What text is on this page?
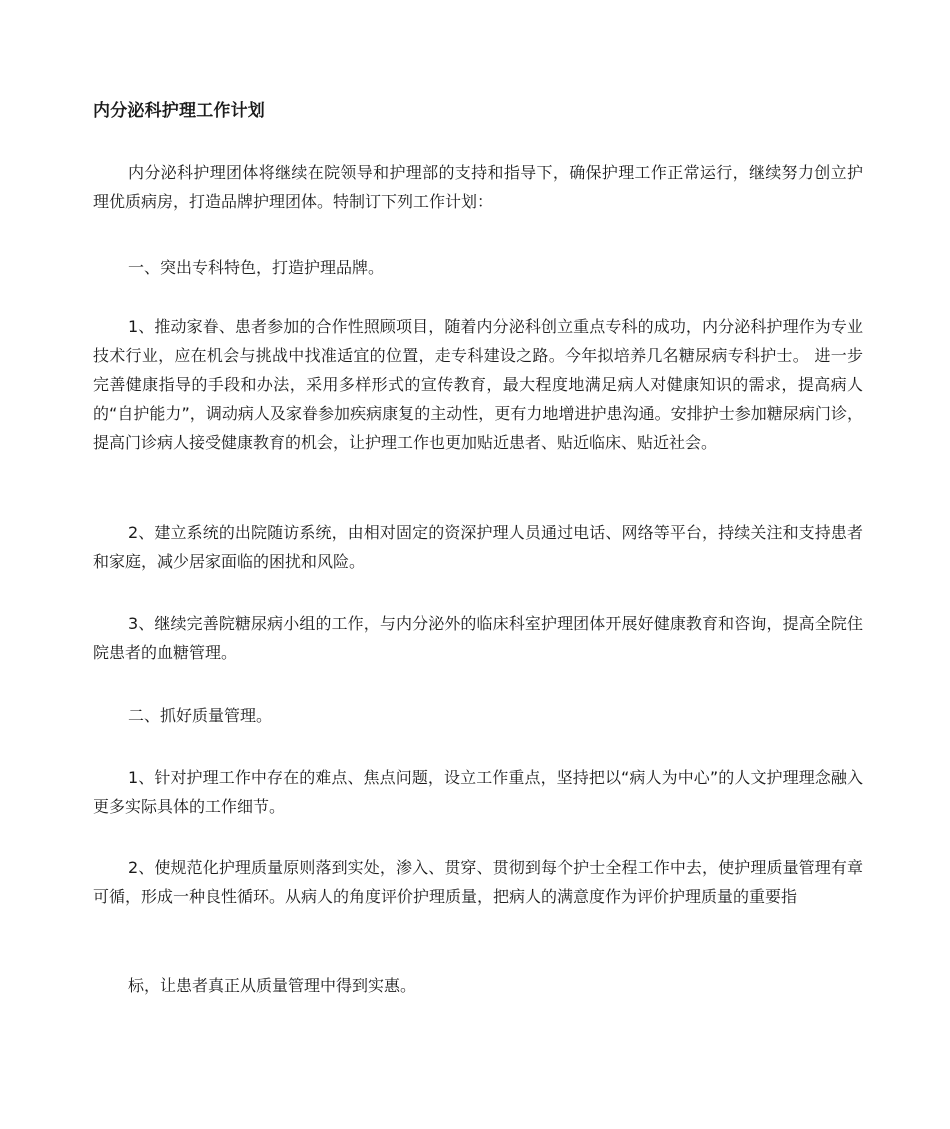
内分泌科护理工作计划

内分泌科护理团体将继续在院领导和护理部的支持和指导下，确保护理工作正常运行，继续努力创立护理优质病房，打造品牌护理团体。特制订下列工作计划：

一、突出专科特色，打造护理品牌。

1、推动家眷、患者参加的合作性照顾项目，随着内分泌科创立重点专科的成功，内分泌科护理作为专业技术行业，应在机会与挑战中找准适宜的位置，走专科建设之路。今年拟培养几名糖尿病专科护士。 进一步完善健康指导的手段和办法，采用多样形式的宣传教育，最大程度地满足病人对健康知识的需求，提高病人的“自护能力”，调动病人及家眷参加疾病康复的主动性，更有力地增进护患沟通。安排护士参加糖尿病门诊，提高门诊病人接受健康教育的机会，让护理工作也更加贴近患者、贴近临床、贴近社会。

2、建立系统的出院随访系统，由相对固定的资深护理人员通过电话、网络等平台，持续关注和支持患者和家庭，减少居家面临的困扰和风险。

3、继续完善院糖尿病小组的工作，与内分泌外的临床科室护理团体开展好健康教育和咨询，提高全院住院患者的血糖管理。

二、抓好质量管理。

1、针对护理工作中存在的难点、焦点问题，设立工作重点，坚持把以“病人为中心”的人文护理理念融入更多实际具体的工作细节。

2、使规范化护理质量原则落到实处，渗入、贯穿、贯彻到每个护士全程工作中去，使护理质量管理有章可循，形成一种良性循环。从病人的角度评价护理质量，把病人的满意度作为评价护理质量的重要指

标，让患者真正从质量管理中得到实惠。
